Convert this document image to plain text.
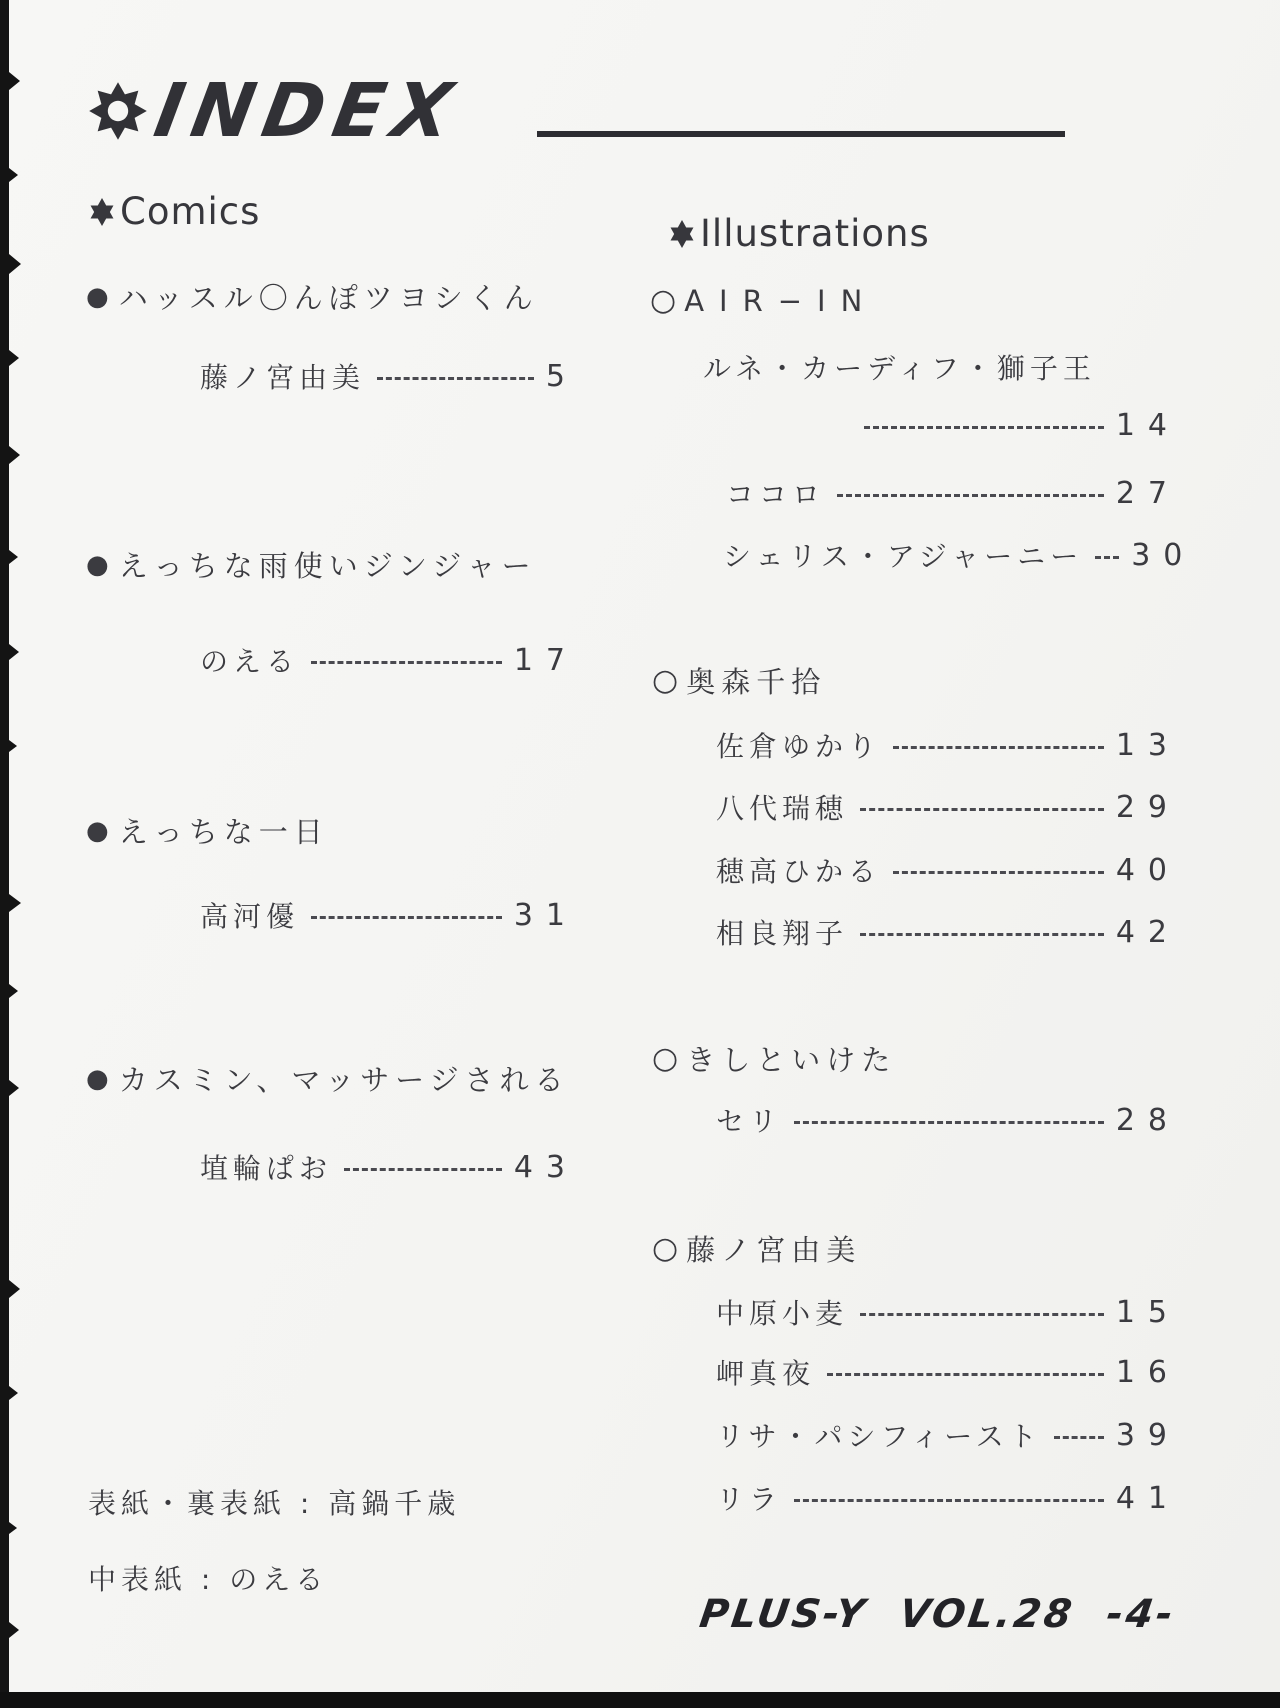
INDEX
Comics
● ハッスル〇んぽツヨシくん
藤ノ宮由美	5
● えっちな雨使いジンジャー
のえる	17
● えっちな一日
高河優	31
● カスミン、マッサージされる
埴輪ぱお	43
表紙・裏表紙 : 高鍋千歳
中表紙 : のえる
Illustrations
○ AIR−IN
ルネ・カーディフ・獅子王
14
ココロ	27
シェリス・アジャーニー 30
○ 奥森千拾
佐倉ゆかり	13
八代瑞穂	29
穂高ひかる	40
相良翔子	42
○ きしといけた
セリ	28
○ 藤ノ宮由美
中原小麦	15
岬真夜	16
リサ・パシフィースト 39
リラ	41
PLUS-Y VOL.28 -4-
